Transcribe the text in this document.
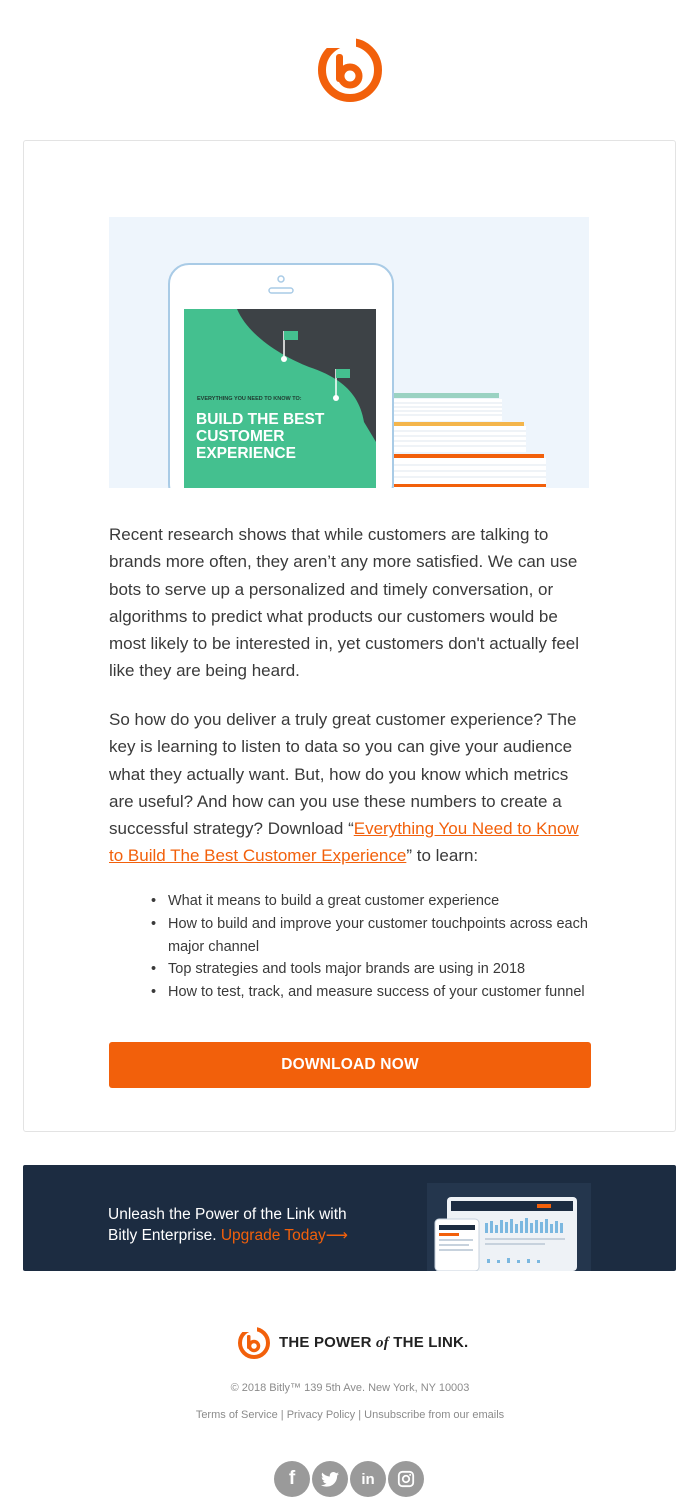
EVERYTHING YOU NEED TO KNOW TO:
BUILD THE BEST
CUSTOMER
EXPERIENCE

Recent research shows that while customers are talking to brands more often, they aren’t any more satisfied. We can use bots to serve up a personalized and timely conversation, or algorithms to predict what products our customers would be most likely to be interested in, yet customers don't actually feel like they are being heard.

So how do you deliver a truly great customer experience? The key is learning to listen to data so you can give your audience what they actually want. But, how do you know which metrics are useful? And how can you use these numbers to create a successful strategy? Download “Everything You Need to Know to Build The Best Customer Experience” to learn:

• What it means to build a great customer experience
• How to build and improve your customer touchpoints across each major channel
• Top strategies and tools major brands are using in 2018
• How to test, track, and measure success of your customer funnel
DOWNLOAD NOW
Unleash the Power of the Link with
Bitly Enterprise. Upgrade Today⟶
THE POWER of THE LINK.
© 2018 Bitly™ 139 5th Ave. New York, NY 10003
Terms of Service | Privacy Policy | Unsubscribe from our emails
f	in
